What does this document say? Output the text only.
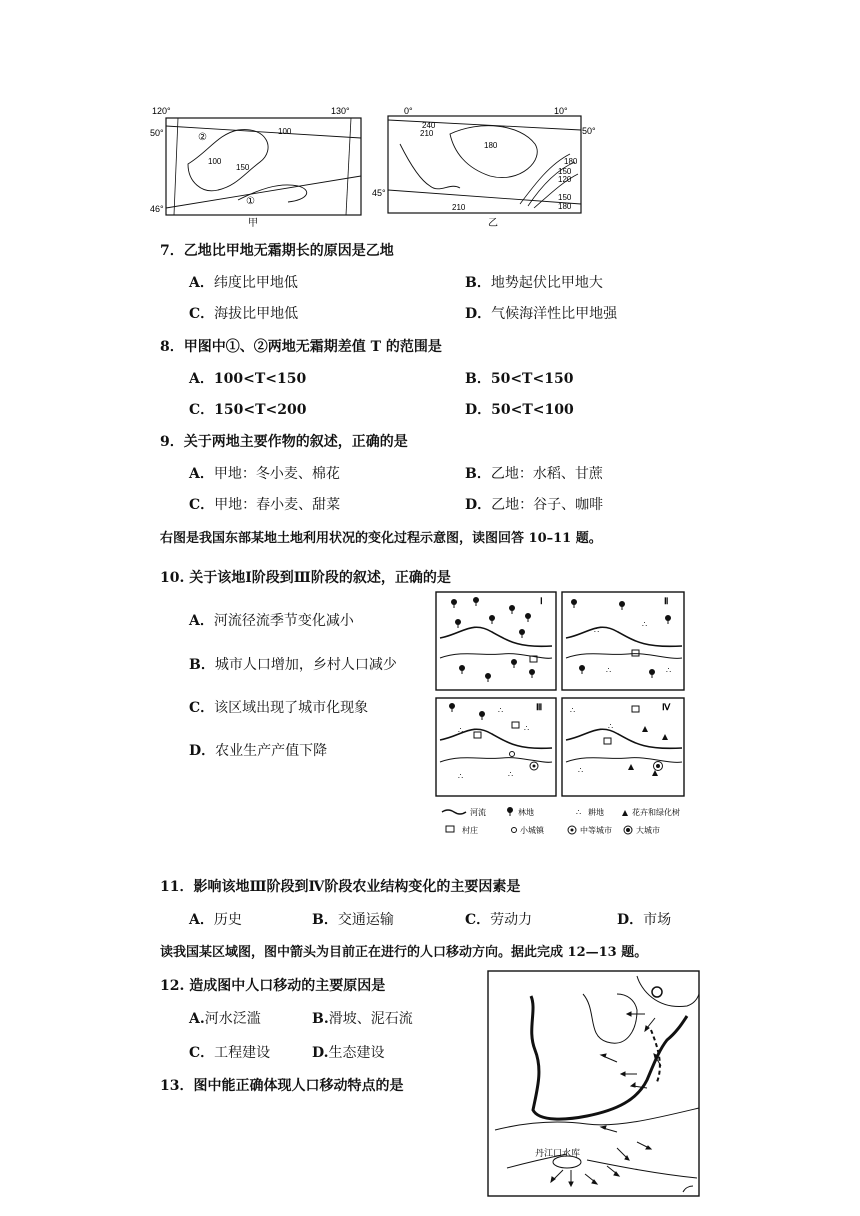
120°	130°
50°
46°
100
100
150
②
①
甲
0°	10°
50°
45°
240
210
180
180
150
120
150
180
210
乙
7．乙地比甲地无霜期长的原因是乙地
A．纬度比甲地低	B．地势起伏比甲地大
C．海拔比甲地低	D．气候海洋性比甲地强
8．甲图中①、②两地无霜期差值 T 的范围是
A．100<T<150	B．50<T<150
C．150<T<200	D．50<T<100
9．关于两地主要作物的叙述，正确的是
A．甲地：冬小麦、棉花	B．乙地：水稻、甘蔗
C．甲地：春小麦、甜菜	D．乙地：谷子、咖啡
右图是我国东部某地土地利用状况的变化过程示意图，读图回答 10–11 题。
10. 关于该地Ⅰ阶段到Ⅲ阶段的叙述，正确的是
A．河流径流季节变化减小
B．城市人口增加，乡村人口减少
C．该区域出现了城市化现象
D．农业生产产值下降
∴
Ⅰ	Ⅱ
Ⅲ	Ⅳ
河流	林地	耕地	花卉和绿化树
村庄	小城镇	中等城市	大城市
11．影响该地Ⅲ阶段到Ⅳ阶段农业结构变化的主要因素是
A．历史	B．交通运输	C．劳动力	D．市场
读我国某区域图，图中箭头为目前正在进行的人口移动方向。据此完成 12—13 题。
12. 造成图中人口移动的主要原因是
A.河水泛滥	B.滑坡、泥石流
C．工程建设	D.生态建设
13．图中能正确体现人口移动特点的是
丹江口水库
